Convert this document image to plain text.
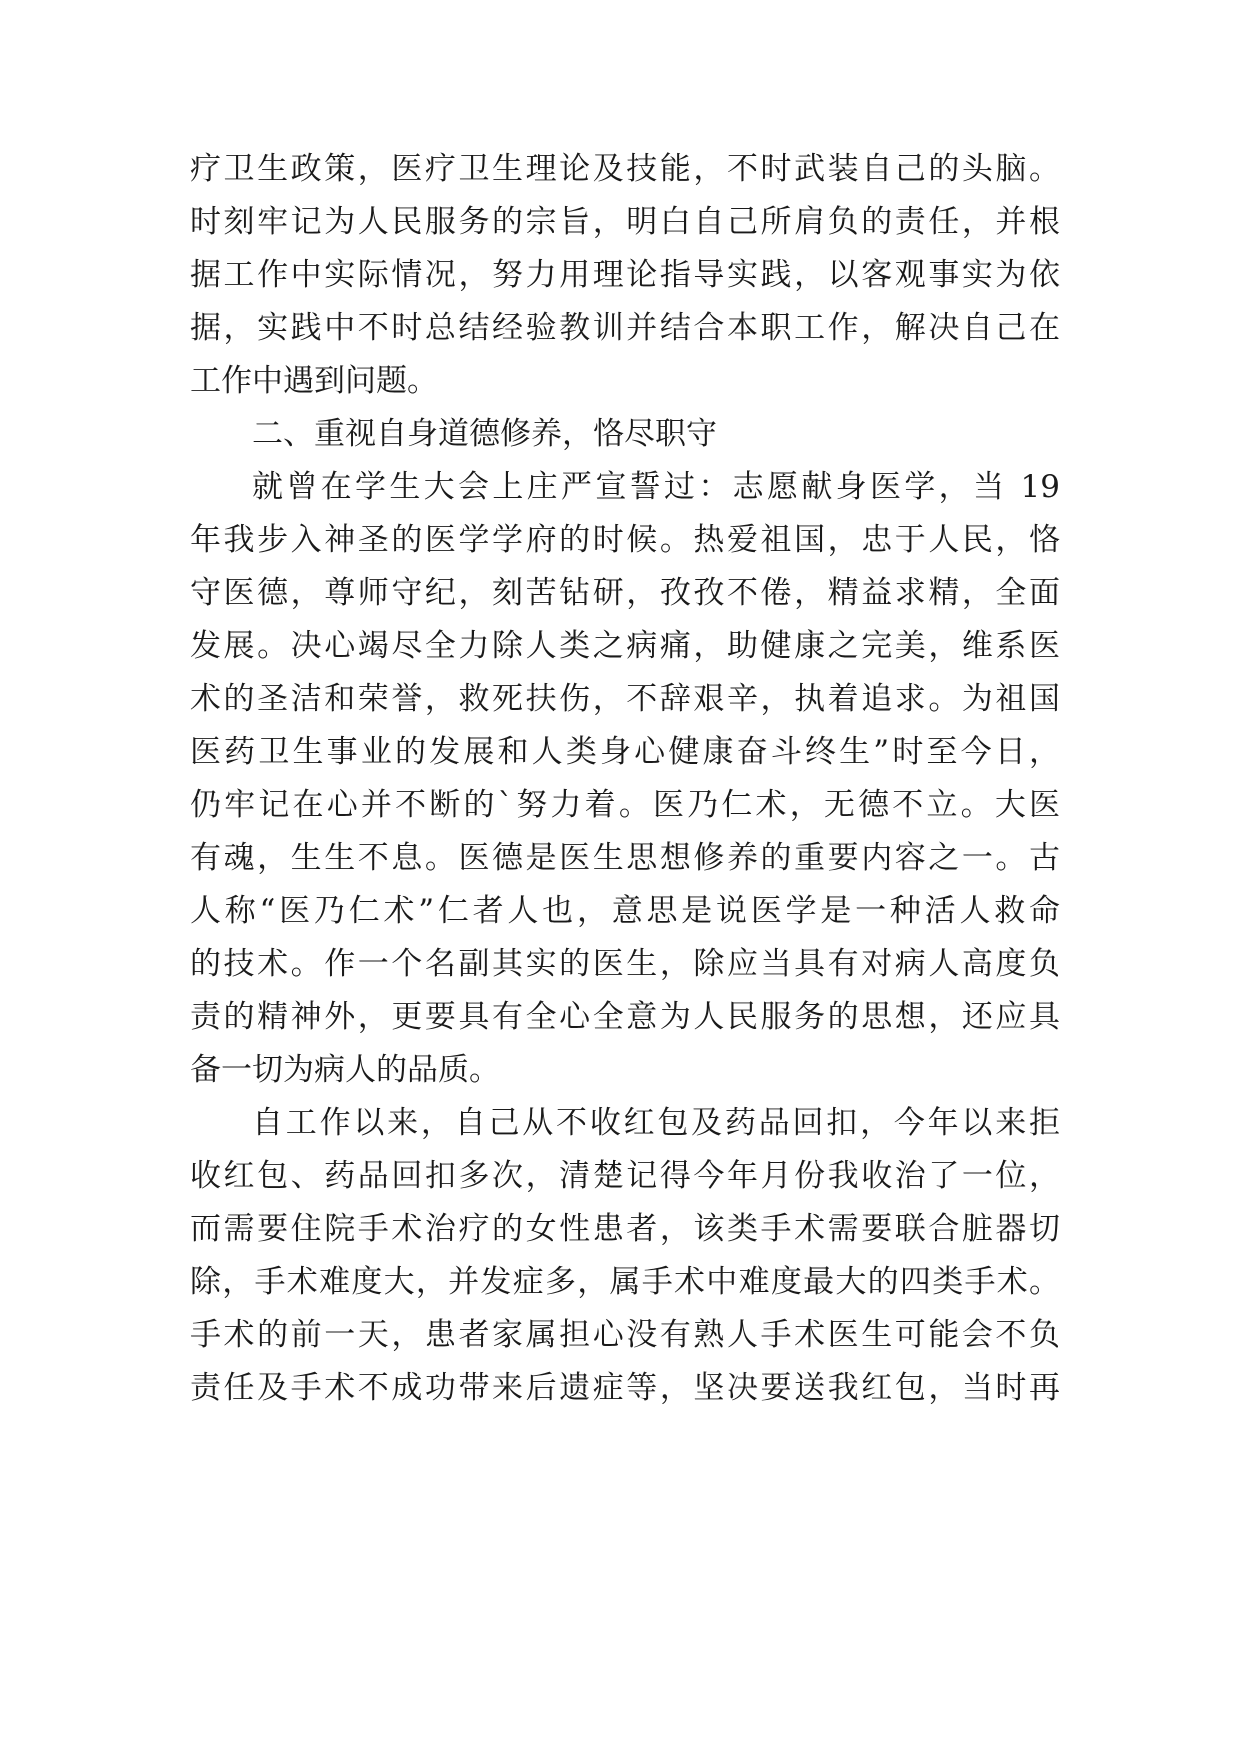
疗卫生政策，医疗卫生理论及技能，不时武装自己的头脑。
时刻牢记为人民服务的宗旨，明白自己所肩负的责任，并根
据工作中实际情况，努力用理论指导实践，以客观事实为依
据，实践中不时总结经验教训并结合本职工作，解决自己在
工作中遇到问题。
二、重视自身道德修养，恪尽职守
就曾在学生大会上庄严宣誓过：志愿献身医学，当 19
年我步入神圣的医学学府的时候。热爱祖国，忠于人民，恪
守医德，尊师守纪，刻苦钻研，孜孜不倦，精益求精，全面
发展。决心竭尽全力除人类之病痛，助健康之完美，维系医
术的圣洁和荣誉，救死扶伤，不辞艰辛，执着追求。为祖国
医药卫生事业的发展和人类身心健康奋斗终生”时至今日，
仍牢记在心并不断的`努力着。医乃仁术，无德不立。大医
有魂，生生不息。医德是医生思想修养的重要内容之一。古
人称“医乃仁术”仁者人也，意思是说医学是一种活人救命
的技术。作一个名副其实的医生，除应当具有对病人高度负
责的精神外，更要具有全心全意为人民服务的思想，还应具
备一切为病人的品质。
自工作以来，自己从不收红包及药品回扣，今年以来拒
收红包、药品回扣多次，清楚记得今年月份我收治了一位，
而需要住院手术治疗的女性患者，该类手术需要联合脏器切
除，手术难度大，并发症多，属手术中难度最大的四类手术。
手术的前一天，患者家属担心没有熟人手术医生可能会不负
责任及手术不成功带来后遗症等，坚决要送我红包，当时再
